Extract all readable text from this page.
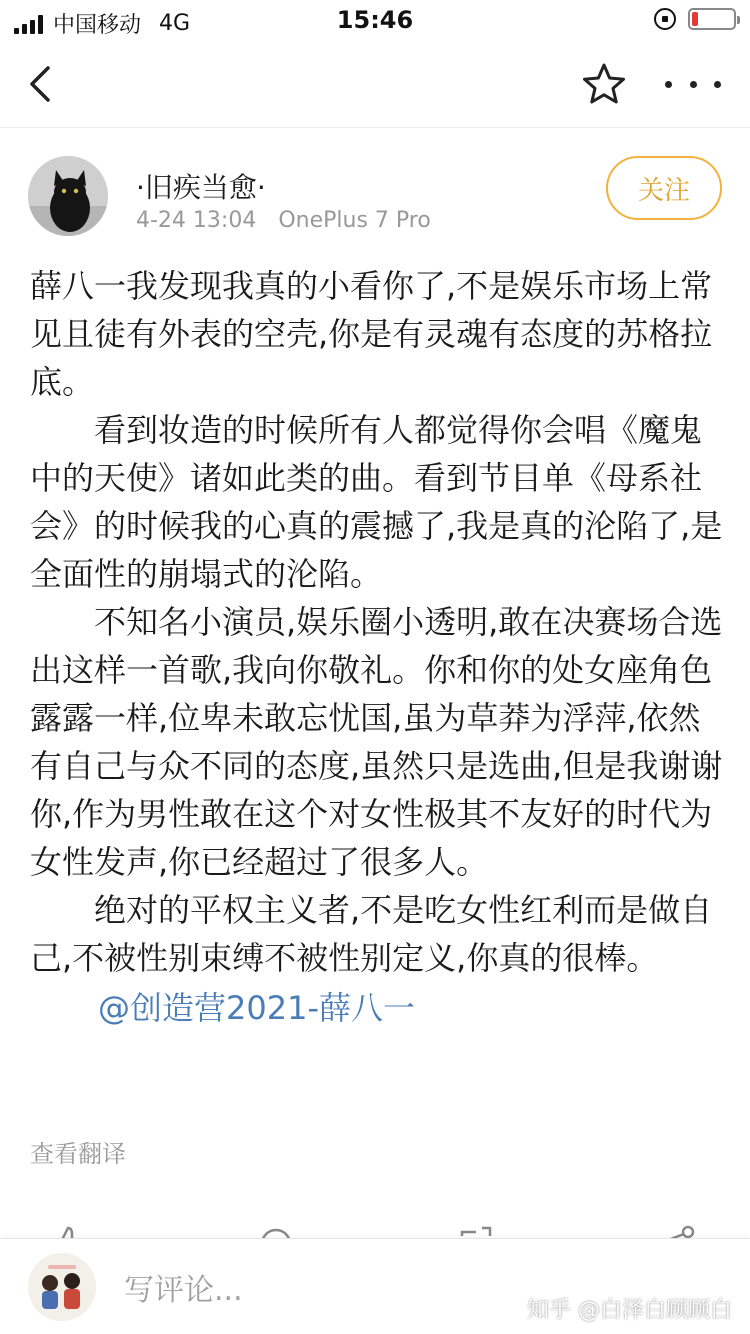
中国移动 4G	15:46
·旧疾当愈·
4-24 13:04 OnePlus 7 Pro
关注

薛八一我发现我真的小看你了,不是娱乐市场上常见且徒有外表的空壳,你是有灵魂有态度的苏格拉底。

看到妆造的时候所有人都觉得你会唱《魔鬼中的天使》诸如此类的曲。看到节目单《母系社会》的时候我的心真的震撼了,我是真的沦陷了,是全面性的崩塌式的沦陷。

不知名小演员,娱乐圈小透明,敢在决赛场合选出这样一首歌,我向你敬礼。你和你的处女座角色露露一样,位卑未敢忘忧国,虽为草莽为浮萍,依然有自己与众不同的态度,虽然只是选曲,但是我谢谢你,作为男性敢在这个对女性极其不友好的时代为女性发声,你已经超过了很多人。

绝对的平权主义者,不是吃女性红利而是做自己,不被性别束缚不被性别定义,你真的很棒。

@创造营2021-薛八一
查看翻译
写评论...
知乎 @白泽白顾顾白
